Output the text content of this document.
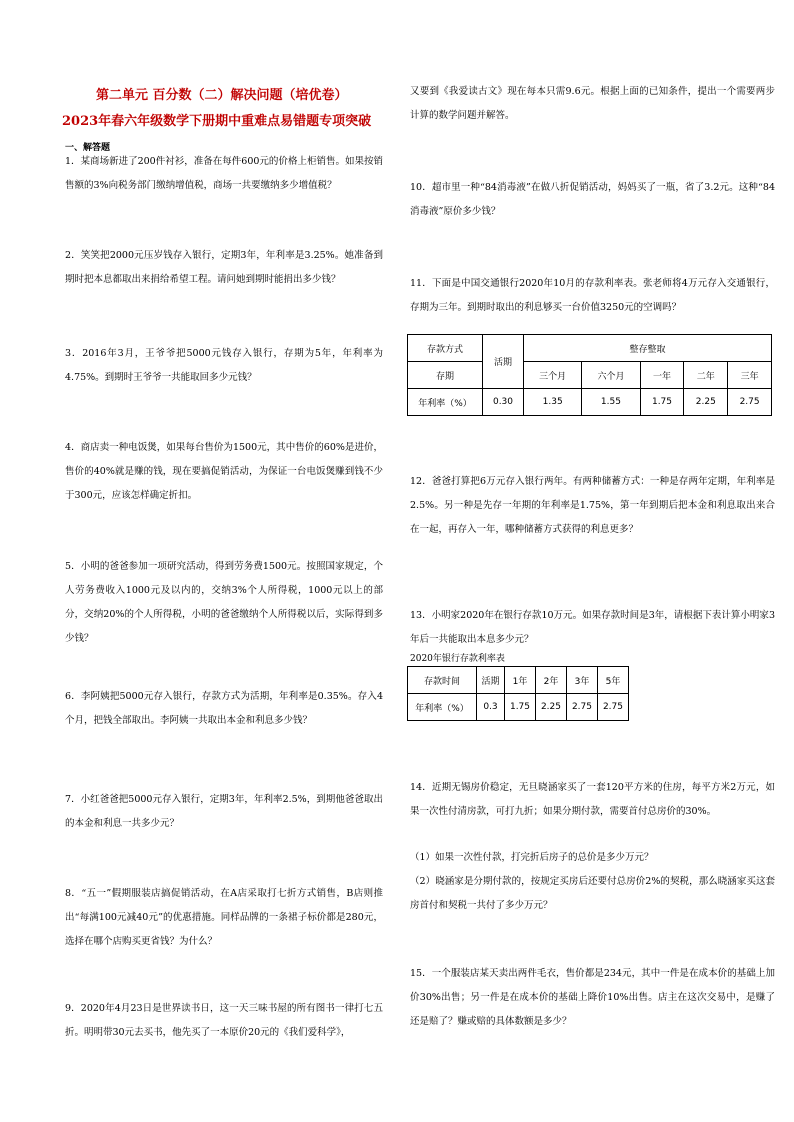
第二单元 百分数（二）解决问题（培优卷）
2023年春六年级数学下册期中重难点易错题专项突破
一、解答题
1．某商场新进了200件衬衫，准备在每件600元的价格上柜销售。如果按销售额的3%向税务部门缴纳增值税，商场一共要缴纳多少增值税？
2．笑笑把2000元压岁钱存入银行，定期3年，年利率是3.25%。她准备到期时把本息都取出来捐给希望工程。请问她到期时能捐出多少钱？
3．2016年3月，王爷爷把5000元钱存入银行，存期为5年，年利率为4.75%。到期时王爷爷一共能取回多少元钱？
4．商店卖一种电饭煲，如果每台售价为1500元，其中售价的60%是进价，售价的40%就是赚的钱，现在要搞促销活动，为保证一台电饭煲赚到钱不少于300元，应该怎样确定折扣。
5．小明的爸爸参加一项研究活动，得到劳务费1500元。按照国家规定，个人劳务费收入1000元及以内的，交纳3%个人所得税，1000元以上的部分，交纳20%的个人所得税，小明的爸爸缴纳个人所得税以后，实际得到多少钱？
6．李阿姨把5000元存入银行，存款方式为活期，年利率是0.35%。存入4个月，把钱全部取出。李阿姨一共取出本金和利息多少钱？
7．小红爸爸把5000元存入银行，定期3年，年利率2.5%，到期他爸爸取出的本金和利息一共多少元？
8．“五一”假期服装店搞促销活动，在A店采取打七折方式销售，B店则推出“每满100元减40元”的优惠措施。同样品牌的一条裙子标价都是280元，选择在哪个店购买更省钱？为什么？
9．2020年4月23日是世界读书日，这一天三味书屋的所有图书一律打七五折。明明带30元去买书，他先买了一本原价20元的《我们爱科学》，
又要到《我爱读古文》现在每本只需9.6元。根据上面的已知条件，提出一个需要两步计算的数学问题并解答。
10．超市里一种“84消毒液”在做八折促销活动，妈妈买了一瓶，省了3.2元。这种“84消毒液”原价多少钱？
11．下面是中国交通银行2020年10月的存款利率表。张老师将4万元存入交通银行，存期为三年。到期时取出的利息够买一台价值3250元的空调吗？
12．爸爸打算把6万元存入银行两年。有两种储蓄方式：一种是存两年定期，年利率是2.5%。另一种是先存一年期的年利率是1.75%，第一年到期后把本金和利息取出来合在一起，再存入一年，哪种储蓄方式获得的利息更多？
13．小明家2020年在银行存款10万元。如果存款时间是3年，请根据下表计算小明家3年后一共能取出本息多少元？
2020年银行存款利率表
14．近期无锡房价稳定，无旦晓涵家买了一套120平方米的住房，每平方米2万元，如果一次性付清房款，可打九折；如果分期付款，需要首付总房价的30%。
（1）如果一次性付款，打完折后房子的总价是多少万元？
（2）晓涵家是分期付款的，按规定买房后还要付总房价2%的契税，那么晓涵家买这套房首付和契税一共付了多少万元？
15．一个服装店某天卖出两件毛衣，售价都是234元，其中一件是在成本价的基础上加价30%出售；另一件是在成本价的基础上降价10%出售。店主在这次交易中，是赚了还是赔了？赚或赔的具体数额是多少？
存款方式	活期	整存整取				
存期		三个月	六个月	一年	二年	三年
年利率（%）	0.30	1.35	1.55	1.75	2.25	2.75
存款时间	活期	1年	2年	3年	5年
年利率（%）	0.3	1.75	2.25	2.75	2.75
